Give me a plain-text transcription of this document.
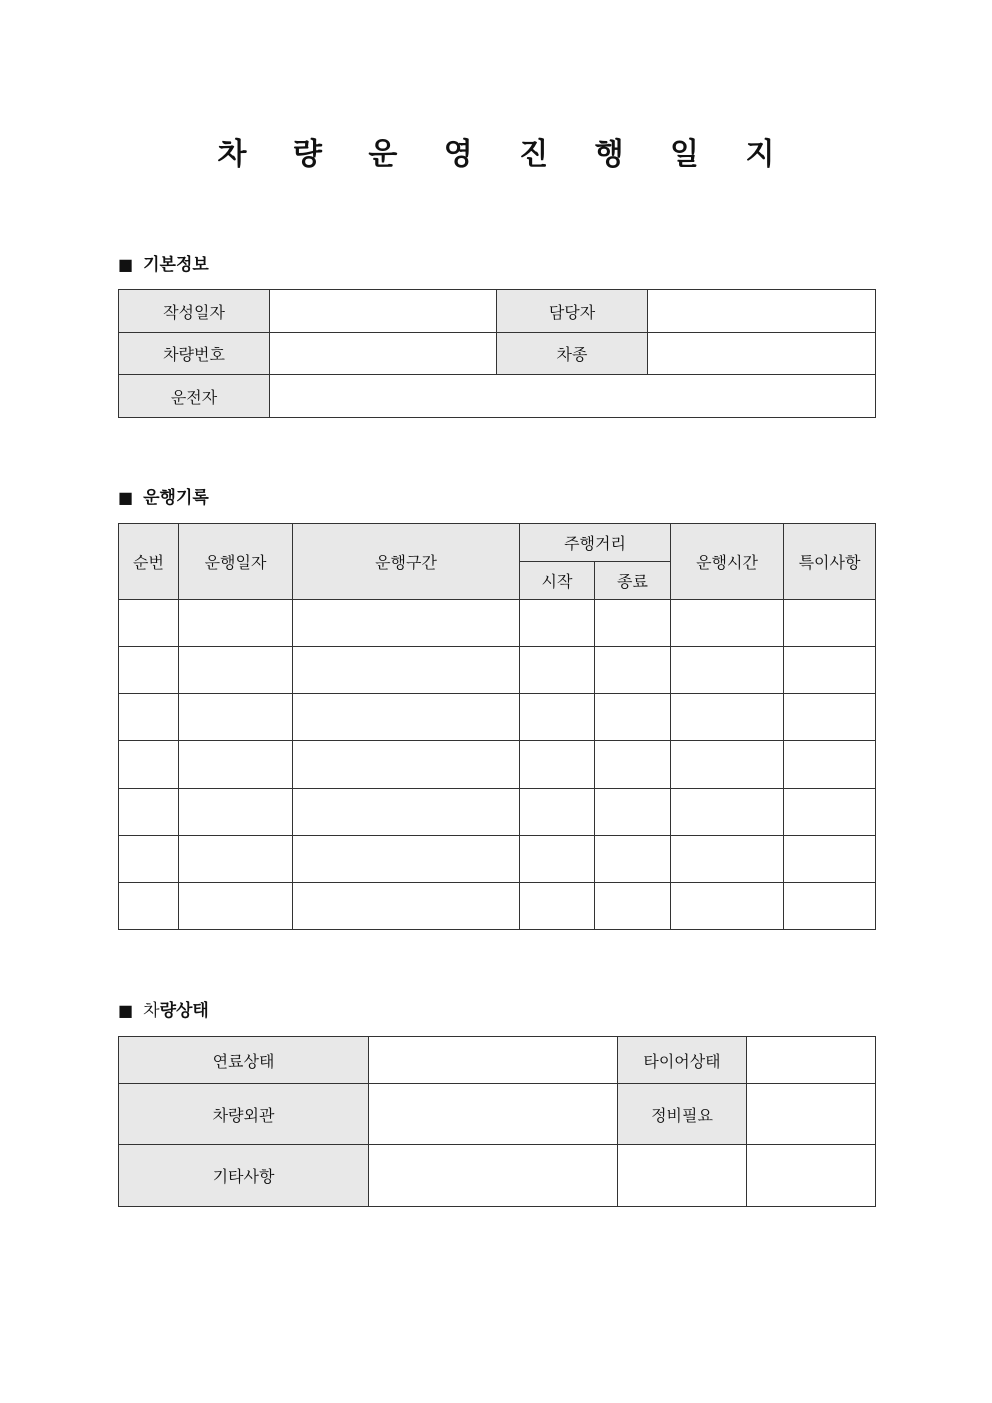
차 량 운 영 진 행 일 지
■ 기본정보
작성일자		담당자	
차량번호		차종	
운전자			
■ 운행기록
순번	운행일자	운행구간	주행거리		운행시간	특이사항
			시작	종료		

■ 차량상태
연료상태		타이어상태	
차량외관		정비필요	
기타사항			
